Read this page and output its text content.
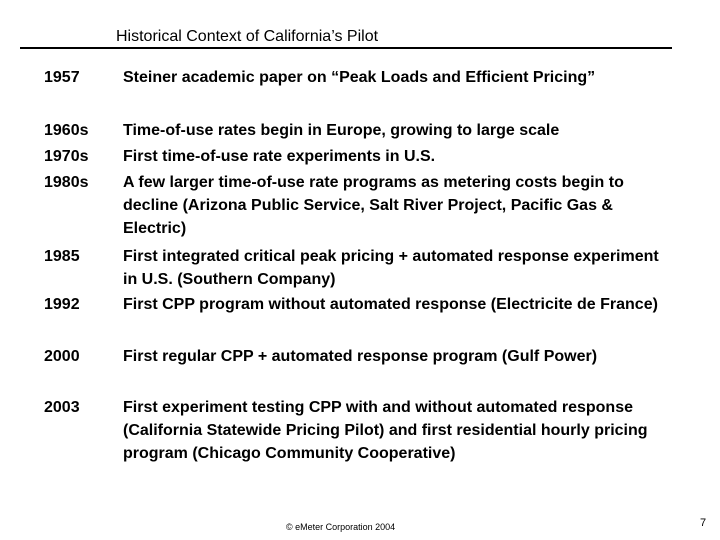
Historical Context of California’s Pilot
1957	Steiner academic paper on “Peak Loads and Efficient Pricing”
1960s Time-of-use rates begin in Europe, growing to large scale
1970s First time-of-use rate experiments in U.S.
1980s A few larger time-of-use rate programs as metering costs begin to decline (Arizona Public Service, Salt River Project, Pacific Gas & Electric)
1985	First integrated critical peak pricing + automated response experiment in U.S. (Southern Company)
1992	First CPP program without automated response (Electricite de France)
2000	First regular CPP + automated response program (Gulf Power)
2003	First experiment testing CPP with and without automated response (California Statewide Pricing Pilot) and first residential hourly pricing program (Chicago Community Cooperative)
© eMeter Corporation 2004	7
